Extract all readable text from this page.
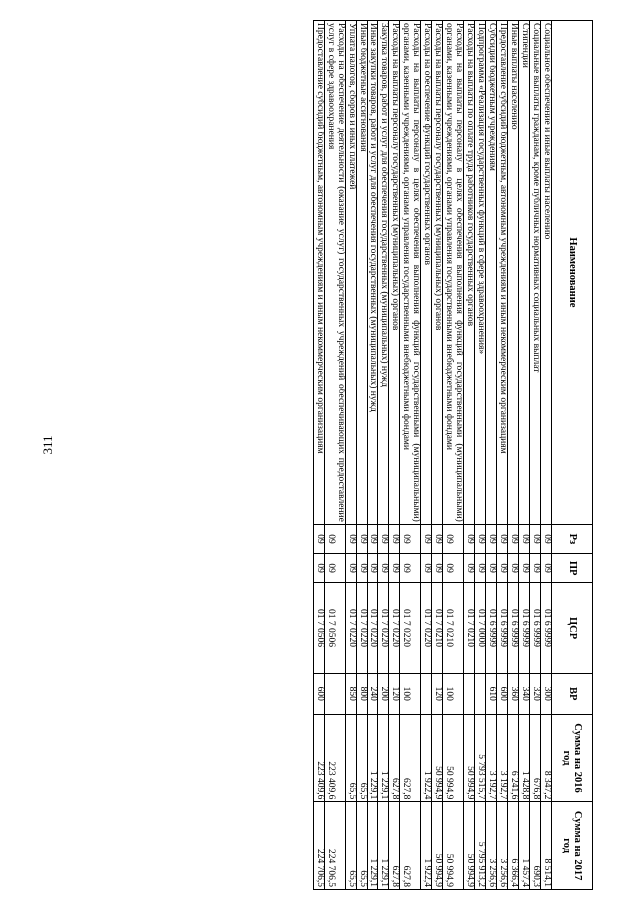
311
Наименование	Рз	ПР	ЦСР	ВР	Сумма на 2016 год	Сумма на 2017 год
Социальное обеспечение и иные выплаты населению	09	09	01 6 9999	300	8 347,2	8 514,1
Социальные выплаты гражданам, кроме публичных нормативных социальных выплат	09	09	01 6 9999	320	676,8	690,3
Стипендии	09	09	01 6 9999	340	1 428,8	1 457,4
Иные выплаты населению	09	09	01 6 9999	360	6 241,6	6 366,4
Предоставление субсидий бюджетным, автономным учреждениям и иным некоммерческим организациям	09	09	01 6 9999	600	3 192,7	3 256,6
Субсидии бюджетным учреждениям	09	09	01 6 9999	610	3 192,7	3 256,6
Подпрограмма «Реализация государственных функций в сфере здравоохранения»	09	09	01 7 0000		5 793 515,7	5 795 913,2
Расходы на выплаты по оплате труда работников государственных органов	09	09	01 7 0210		50 994,9	50 994,9
Расходы на выплаты персоналу в целях обеспечения выполнения функций государственными (муниципальными) органами, казенными учреждениями, органами управления государственными внебюджетными фондами	09	09	01 7 0210	100	50 994,9	50 994,9
Расходы на выплаты персоналу государственных (муниципальных) органов	09	09	01 7 0210	120	50 994,9	50 994,9
Расходы на обеспечение функций государственных органов	09	09	01 7 0220		1 922,4	1 922,4
Расходы на выплаты персоналу в целях обеспечения выполнения функций государственными (муниципальными) органами, казенными учреждениями, органами управления государственными внебюджетными фондами	09	09	01 7 0220	100	627,8	627,8
Расходы на выплаты персоналу государственных (муниципальных) органов	09	09	01 7 0220	120	627,8	627,8
Закупка товаров, работ и услуг для обеспечения государственных (муниципальных) нужд	09	09	01 7 0220	200	1 229,1	1 229,1
Иные закупки товаров, работ и услуг для обеспечения государственных (муниципальных) нужд	09	09	01 7 0220	240	1 229,1	1 229,1
Иные бюджетные ассигнования	09	09	01 7 0220	800	65,5	65,5
Уплата налогов, сборов и иных платежей	09	09	01 7 0220	850	65,5	65,5
Расходы на обеспечение деятельности (оказание услуг) государственных учреждений обеспечивающих предоставление услуг в сфере здравоохранения	09	09	01 7 0506		223 409,6	224 706,5
Предоставление субсидий бюджетным, автономным учреждениям и иным некоммерческим организациям	09	09	01 7 0506	600	223 409,6	224 706,5
